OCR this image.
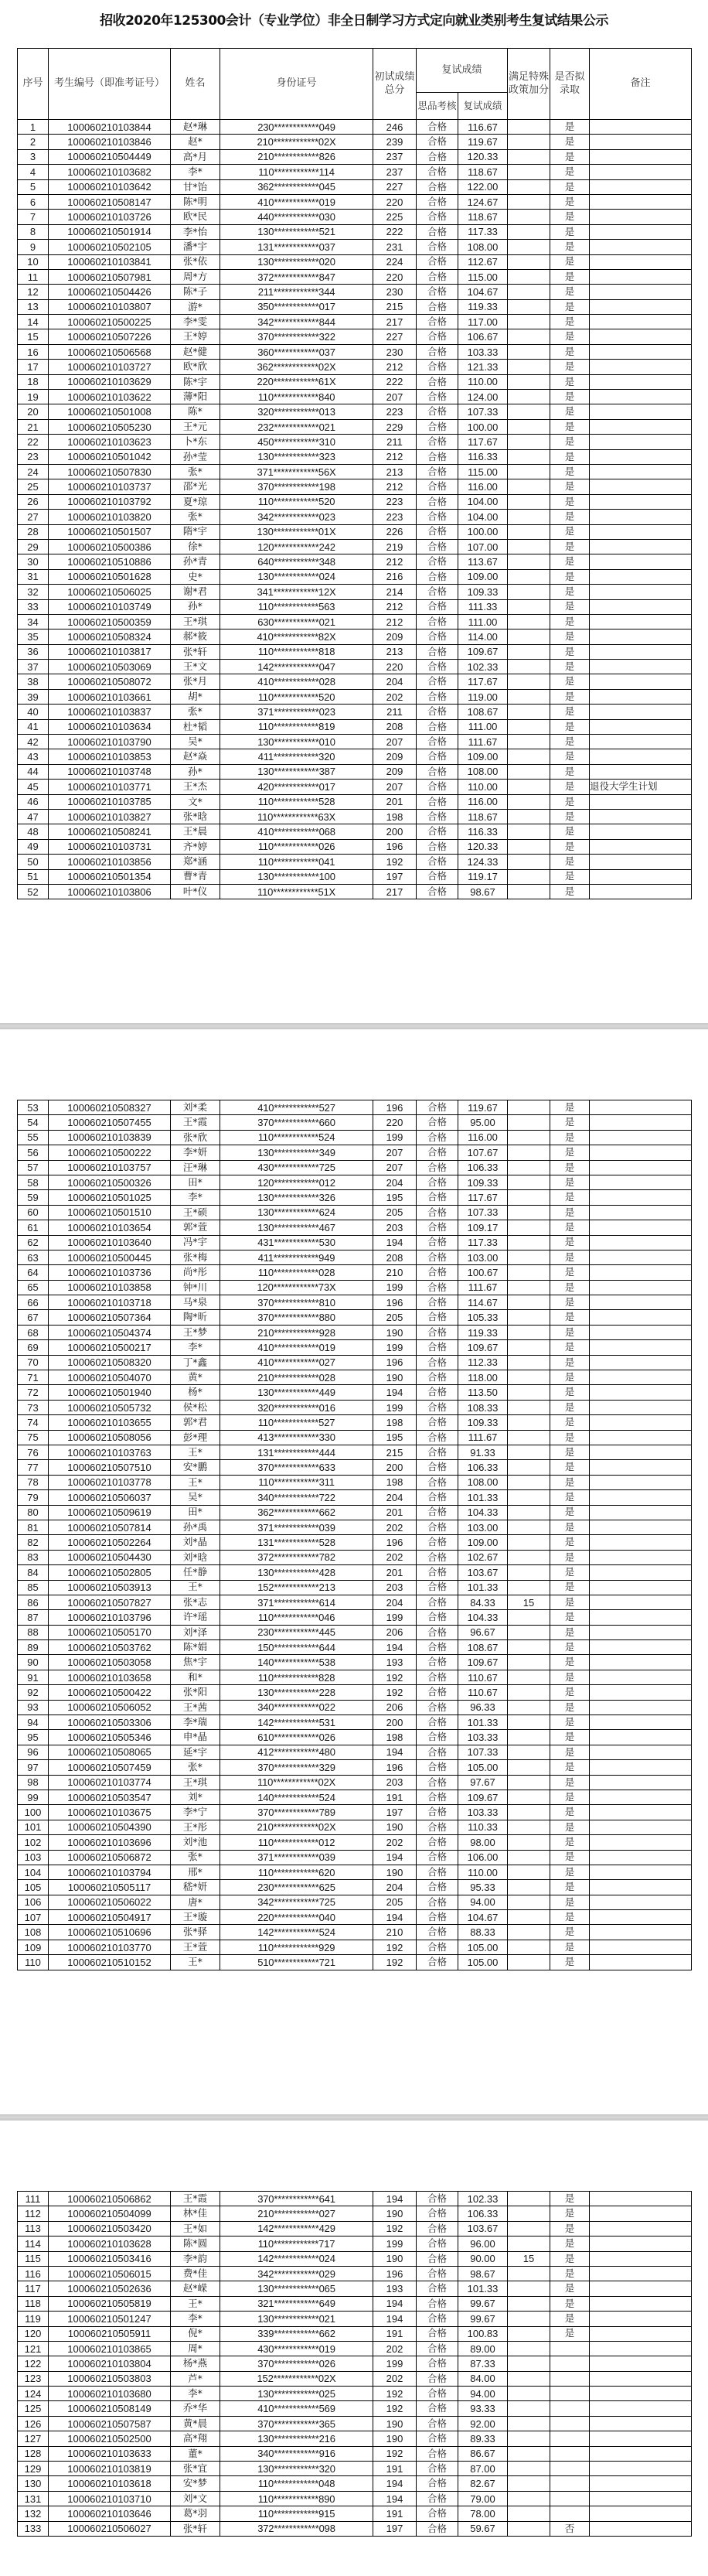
招收2020年125300会计（专业学位）非全日制学习方式定向就业类别考生复试结果公示
序号	考生编号（即准考证号）	姓名	身份证号	初试成绩总分	复试成绩		满足特殊政策加分	是否拟录取	备注
					思品考核	复试成绩			
1	100060210103844	赵*琳	230************049	246	合格	116.67		是	
2	100060210103846	赵*	210************02X	239	合格	119.67		是	
3	100060210504449	高*月	210************826	237	合格	120.33		是	
4	100060210103682	李*	110************114	237	合格	118.67		是	
5	100060210103642	甘*饴	362************045	227	合格	122.00		是	
6	100060210508147	陈*明	410************019	220	合格	124.67		是	
7	100060210103726	欧*民	440************030	225	合格	118.67		是	
8	100060210501914	李*怡	130************521	222	合格	117.33		是	
9	100060210502105	潘*宇	131************037	231	合格	108.00		是	
10	100060210103841	张*依	130************020	224	合格	112.67		是	
11	100060210507981	周*方	372************847	220	合格	115.00		是	
12	100060210504426	陈*子	211************344	230	合格	104.67		是	
13	100060210103807	游*	350************017	215	合格	119.33		是	
14	100060210500225	李*雯	342************844	217	合格	117.00		是	
15	100060210507226	王*婷	370************322	227	合格	106.67		是	
16	100060210506568	赵*健	360************037	230	合格	103.33		是	
17	100060210103727	欧*欣	362************02X	212	合格	121.33		是	
18	100060210103629	陈*宇	220************61X	222	合格	110.00		是	
19	100060210103622	薄*阳	110************840	207	合格	124.00		是	
20	100060210501008	陈*	320************013	223	合格	107.33		是	
21	100060210505230	王*元	232************021	229	合格	100.00		是	
22	100060210103623	卜*东	450************310	211	合格	117.67		是	
23	100060210501042	孙*莹	130************323	212	合格	116.33		是	
24	100060210507830	张*	371************56X	213	合格	115.00		是	
25	100060210103737	邵*光	370************198	212	合格	116.00		是	
26	100060210103792	夏*琼	110************520	223	合格	104.00		是	
27	100060210103820	张*	342************023	223	合格	104.00		是	
28	100060210501507	隋*宇	130************01X	226	合格	100.00		是	
29	100060210500386	徐*	120************242	219	合格	107.00		是	
30	100060210510886	孙*青	640************348	212	合格	113.67		是	
31	100060210501628	史*	130************024	216	合格	109.00		是	
32	100060210506025	谢*君	341************12X	214	合格	109.33		是	
33	100060210103749	孙*	110************563	212	合格	111.33		是	
34	100060210500359	王*琪	630************021	212	合格	111.00		是	
35	100060210508324	郝*筱	410************82X	209	合格	114.00		是	
36	100060210103817	张*轩	110************818	213	合格	109.67		是	
37	100060210503069	王*文	142************047	220	合格	102.33		是	
38	100060210508072	张*月	410************028	204	合格	117.67		是	
39	100060210103661	胡*	110************520	202	合格	119.00		是	
40	100060210103837	张*	371************023	211	合格	108.67		是	
41	100060210103634	杜*韬	110************819	208	合格	111.00		是	
42	100060210103790	吴*	130************010	207	合格	111.67		是	
43	100060210103853	赵*焱	411************320	209	合格	109.00		是	
44	100060210103748	孙*	130************387	209	合格	108.00		是	
45	100060210103771	王*杰	420************017	207	合格	110.00		是	退役大学生计划
46	100060210103785	文*	110************528	201	合格	116.00		是	
47	100060210103827	张*晗	110************63X	198	合格	118.67		是	
48	100060210508241	王*晨	410************068	200	合格	116.33		是	
49	100060210103731	齐*婷	110************026	196	合格	120.33		是	
50	100060210103856	郑*涵	110************041	192	合格	124.33		是	
51	100060210501354	曹*青	130************100	197	合格	119.17		是	
52	100060210103806	叶*仪	110************51X	217	合格	98.67		是	
53	100060210508327	刘*柔	410************527	196	合格	119.67		是	
54	100060210507455	王*霞	370************660	220	合格	95.00		是	
55	100060210103839	张*欣	110************524	199	合格	116.00		是	
56	100060210500222	李*妍	130************349	207	合格	107.67		是	
57	100060210103757	汪*琳	430************725	207	合格	106.33		是	
58	100060210500326	田*	120************012	204	合格	109.33		是	
59	100060210501025	李*	130************326	195	合格	117.67		是	
60	100060210501510	王*硕	130************624	205	合格	107.33		是	
61	100060210103654	郭*萱	130************467	203	合格	109.17		是	
62	100060210103640	冯*宇	431************530	194	合格	117.33		是	
63	100060210500445	张*梅	411************949	208	合格	103.00		是	
64	100060210103736	尚*彤	110************028	210	合格	100.67		是	
65	100060210103858	钟*川	120************73X	199	合格	111.67		是	
66	100060210103718	马*泉	370************810	196	合格	114.67		是	
67	100060210507364	陶*昕	370************880	205	合格	105.33		是	
68	100060210504374	王*梦	210************928	190	合格	119.33		是	
69	100060210500217	李*	410************019	199	合格	109.67		是	
70	100060210508320	丁*鑫	410************027	196	合格	112.33		是	
71	100060210504070	黄*	210************028	190	合格	118.00		是	
72	100060210501940	杨*	130************449	194	合格	113.50		是	
73	100060210505732	侯*松	320************016	199	合格	108.33		是	
74	100060210103655	郭*君	110************527	198	合格	109.33		是	
75	100060210508056	彭*理	413************330	195	合格	111.67		是	
76	100060210103763	王*	131************444	215	合格	91.33		是	
77	100060210507510	安*鹏	370************633	200	合格	106.33		是	
78	100060210103778	王*	110************311	198	合格	108.00		是	
79	100060210506037	吴*	340************722	204	合格	101.33		是	
80	100060210509619	田*	362************662	201	合格	104.33		是	
81	100060210507814	孙*禹	371************039	202	合格	103.00		是	
82	100060210502264	刘*晶	131************528	196	合格	109.00		是	
83	100060210504430	刘*晗	372************782	202	合格	102.67		是	
84	100060210502805	任*静	130************428	201	合格	103.67		是	
85	100060210503913	王*	152************213	203	合格	101.33		是	
86	100060210507827	张*志	371************614	204	合格	84.33	15	是	
87	100060210103796	许*瑶	110************046	199	合格	104.33		是	
88	100060210505170	刘*泽	230************445	206	合格	96.67		是	
89	100060210503762	陈*娟	150************644	194	合格	108.67		是	
90	100060210503058	焦*宇	140************538	193	合格	109.67		是	
91	100060210103658	和*	110************828	192	合格	110.67		是	
92	100060210500422	张*阳	130************228	192	合格	110.67		是	
93	100060210506052	王*茜	340************022	206	合格	96.33		是	
94	100060210503306	李*瑞	142************531	200	合格	101.33		是	
95	100060210505346	申*晶	610************026	198	合格	103.33		是	
96	100060210508065	延*宇	412************480	194	合格	107.33		是	
97	100060210507459	张*	370************329	196	合格	105.00		是	
98	100060210103774	王*琪	110************02X	203	合格	97.67		是	
99	100060210503547	刘*	140************524	191	合格	109.67		是	
100	100060210103675	李*宁	370************789	197	合格	103.33		是	
101	100060210504390	王*彤	210************02X	190	合格	110.33		是	
102	100060210103696	刘*池	110************012	202	合格	98.00		是	
103	100060210506872	张*	371************039	194	合格	106.00		是	
104	100060210103794	邢*	110************620	190	合格	110.00		是	
105	100060210505117	嵇*妍	230************625	204	合格	95.33		是	
106	100060210506022	唐*	342************725	205	合格	94.00		是	
107	100060210504917	王*璇	220************040	194	合格	104.67		是	
108	100060210510696	张*驿	142************524	210	合格	88.33		是	
109	100060210103770	王*萱	110************929	192	合格	105.00		是	
110	100060210510152	王*	510************721	192	合格	105.00		是	
111	100060210506862	王*霞	370************641	194	合格	102.33		是	
112	100060210504099	林*佳	210************027	190	合格	106.33		是	
113	100060210503420	王*如	142************429	192	合格	103.67		是	
114	100060210103628	陈*圆	110************717	199	合格	96.00		是	
115	100060210503416	李*韵	142************024	190	合格	90.00	15	是	
116	100060210506015	费*佳	342************029	196	合格	98.67		是	
117	100060210502636	赵*嵘	130************065	193	合格	101.33		是	
118	100060210505819	王*	321************649	194	合格	99.67		是	
119	100060210501247	李*	130************021	194	合格	99.67		是	
120	100060210505911	倪*	339************662	191	合格	100.83		是	
121	100060210103865	周*	430************019	202	合格	89.00			
122	100060210103804	杨*燕	370************026	199	合格	87.33			
123	100060210503803	芦*	152************02X	202	合格	84.00			
124	100060210103680	李*	130************025	192	合格	94.00			
125	100060210508149	乔*华	410************569	192	合格	93.33			
126	100060210507587	黄*晨	370************365	190	合格	92.00			
127	100060210502500	高*翔	130************216	190	合格	89.33			
128	100060210103633	董*	340************916	192	合格	86.67			
129	100060210103819	张*宜	130************320	191	合格	87.00			
130	100060210103618	安*梦	110************048	194	合格	82.67			
131	100060210103710	刘*文	110************890	194	合格	79.00			
132	100060210103646	葛*羽	110************915	191	合格	78.00			
133	100060210506027	张*轩	372************098	197	合格	59.67		否	
